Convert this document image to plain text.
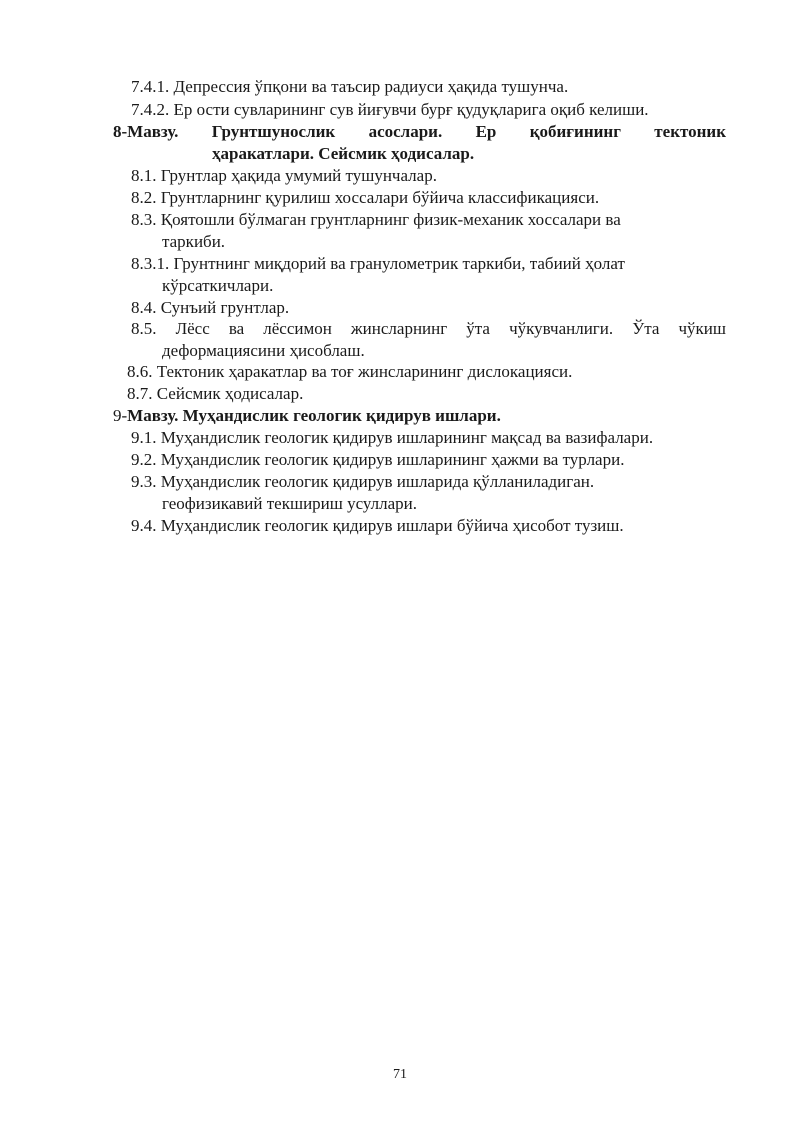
7.4.1. Депрессия ўпқони ва таъсир радиуси ҳақида тушунча.
7.4.2. Ер ости сувларининг сув йиғувчи бурғ қудуқларига оқиб келиши.
8-Мавзу. Грунтшунослик асослари. Ер қобиғининг тектоник
ҳаракатлари. Сейсмик ҳодисалар.
8.1. Грунтлар ҳақида умумий тушунчалар.
8.2. Грунтларнинг қурилиш хоссалари бўйича классификацияси.
8.3. Қоятошли бўлмаган грунтларнинг физик-механик хоссалари ва
таркиби.
8.3.1. Грунтнинг миқдорий ва гранулометрик таркиби, табиий ҳолат
кўрсаткичлари.
8.4. Сунъий грунтлар.
8.5. Лёсс ва лёссимон жинсларнинг ўта чўкувчанлиги. Ўта чўкиш
деформациясини ҳисоблаш.
8.6. Тектоник ҳаракатлар ва тоғ жинсларининг дислокацияси.
8.7. Сейсмик ҳодисалар.
9-Мавзу. Муҳандислик геологик қидирув ишлари.
9.1. Муҳандислик геологик қидирув ишларининг мақсад ва вазифалари.
9.2. Муҳандислик геологик қидирув ишларининг ҳажми ва турлари.
9.3. Муҳандислик геологик қидирув ишларида қўлланиладиган.
геофизикавий текшириш усуллари.
9.4. Муҳандислик геологик қидирув ишлари бўйича ҳисобот тузиш.
71
